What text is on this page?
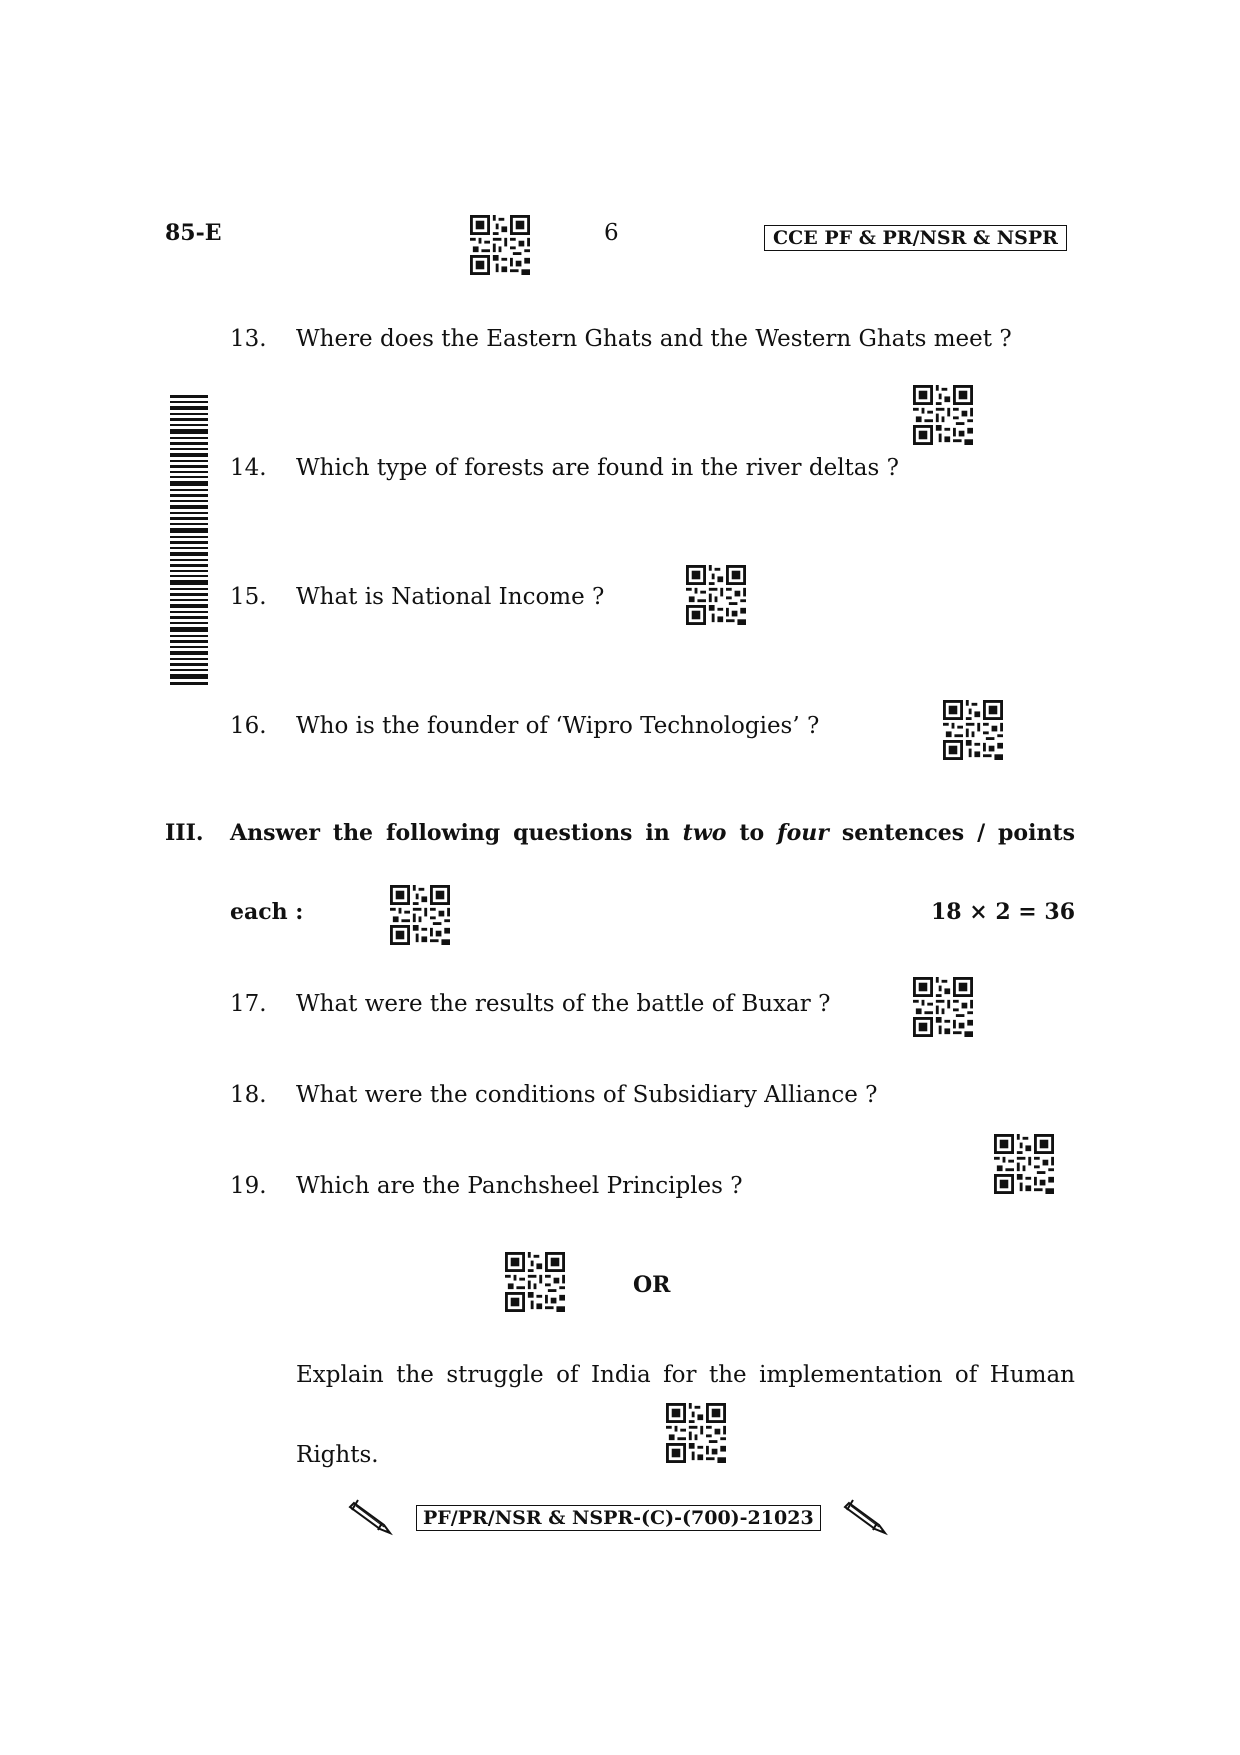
85-E	6	CCE PF & PR/NSR & NSPR
13. Where does the Eastern Ghats and the Western Ghats meet ?
14. Which type of forests are found in the river deltas ?
15. What is National Income ?
16. Who is the founder of ‘Wipro Technologies’ ?
III. Answer the following questions in two to four sentences / points
each :	18 × 2 = 36
17. What were the results of the battle of Buxar ?
18. What were the conditions of Subsidiary Alliance ?
19. Which are the Panchsheel Principles ?
OR
Explain the struggle of India for the implementation of Human
Rights.
PF/PR/NSR & NSPR-(C)-(700)-21023
